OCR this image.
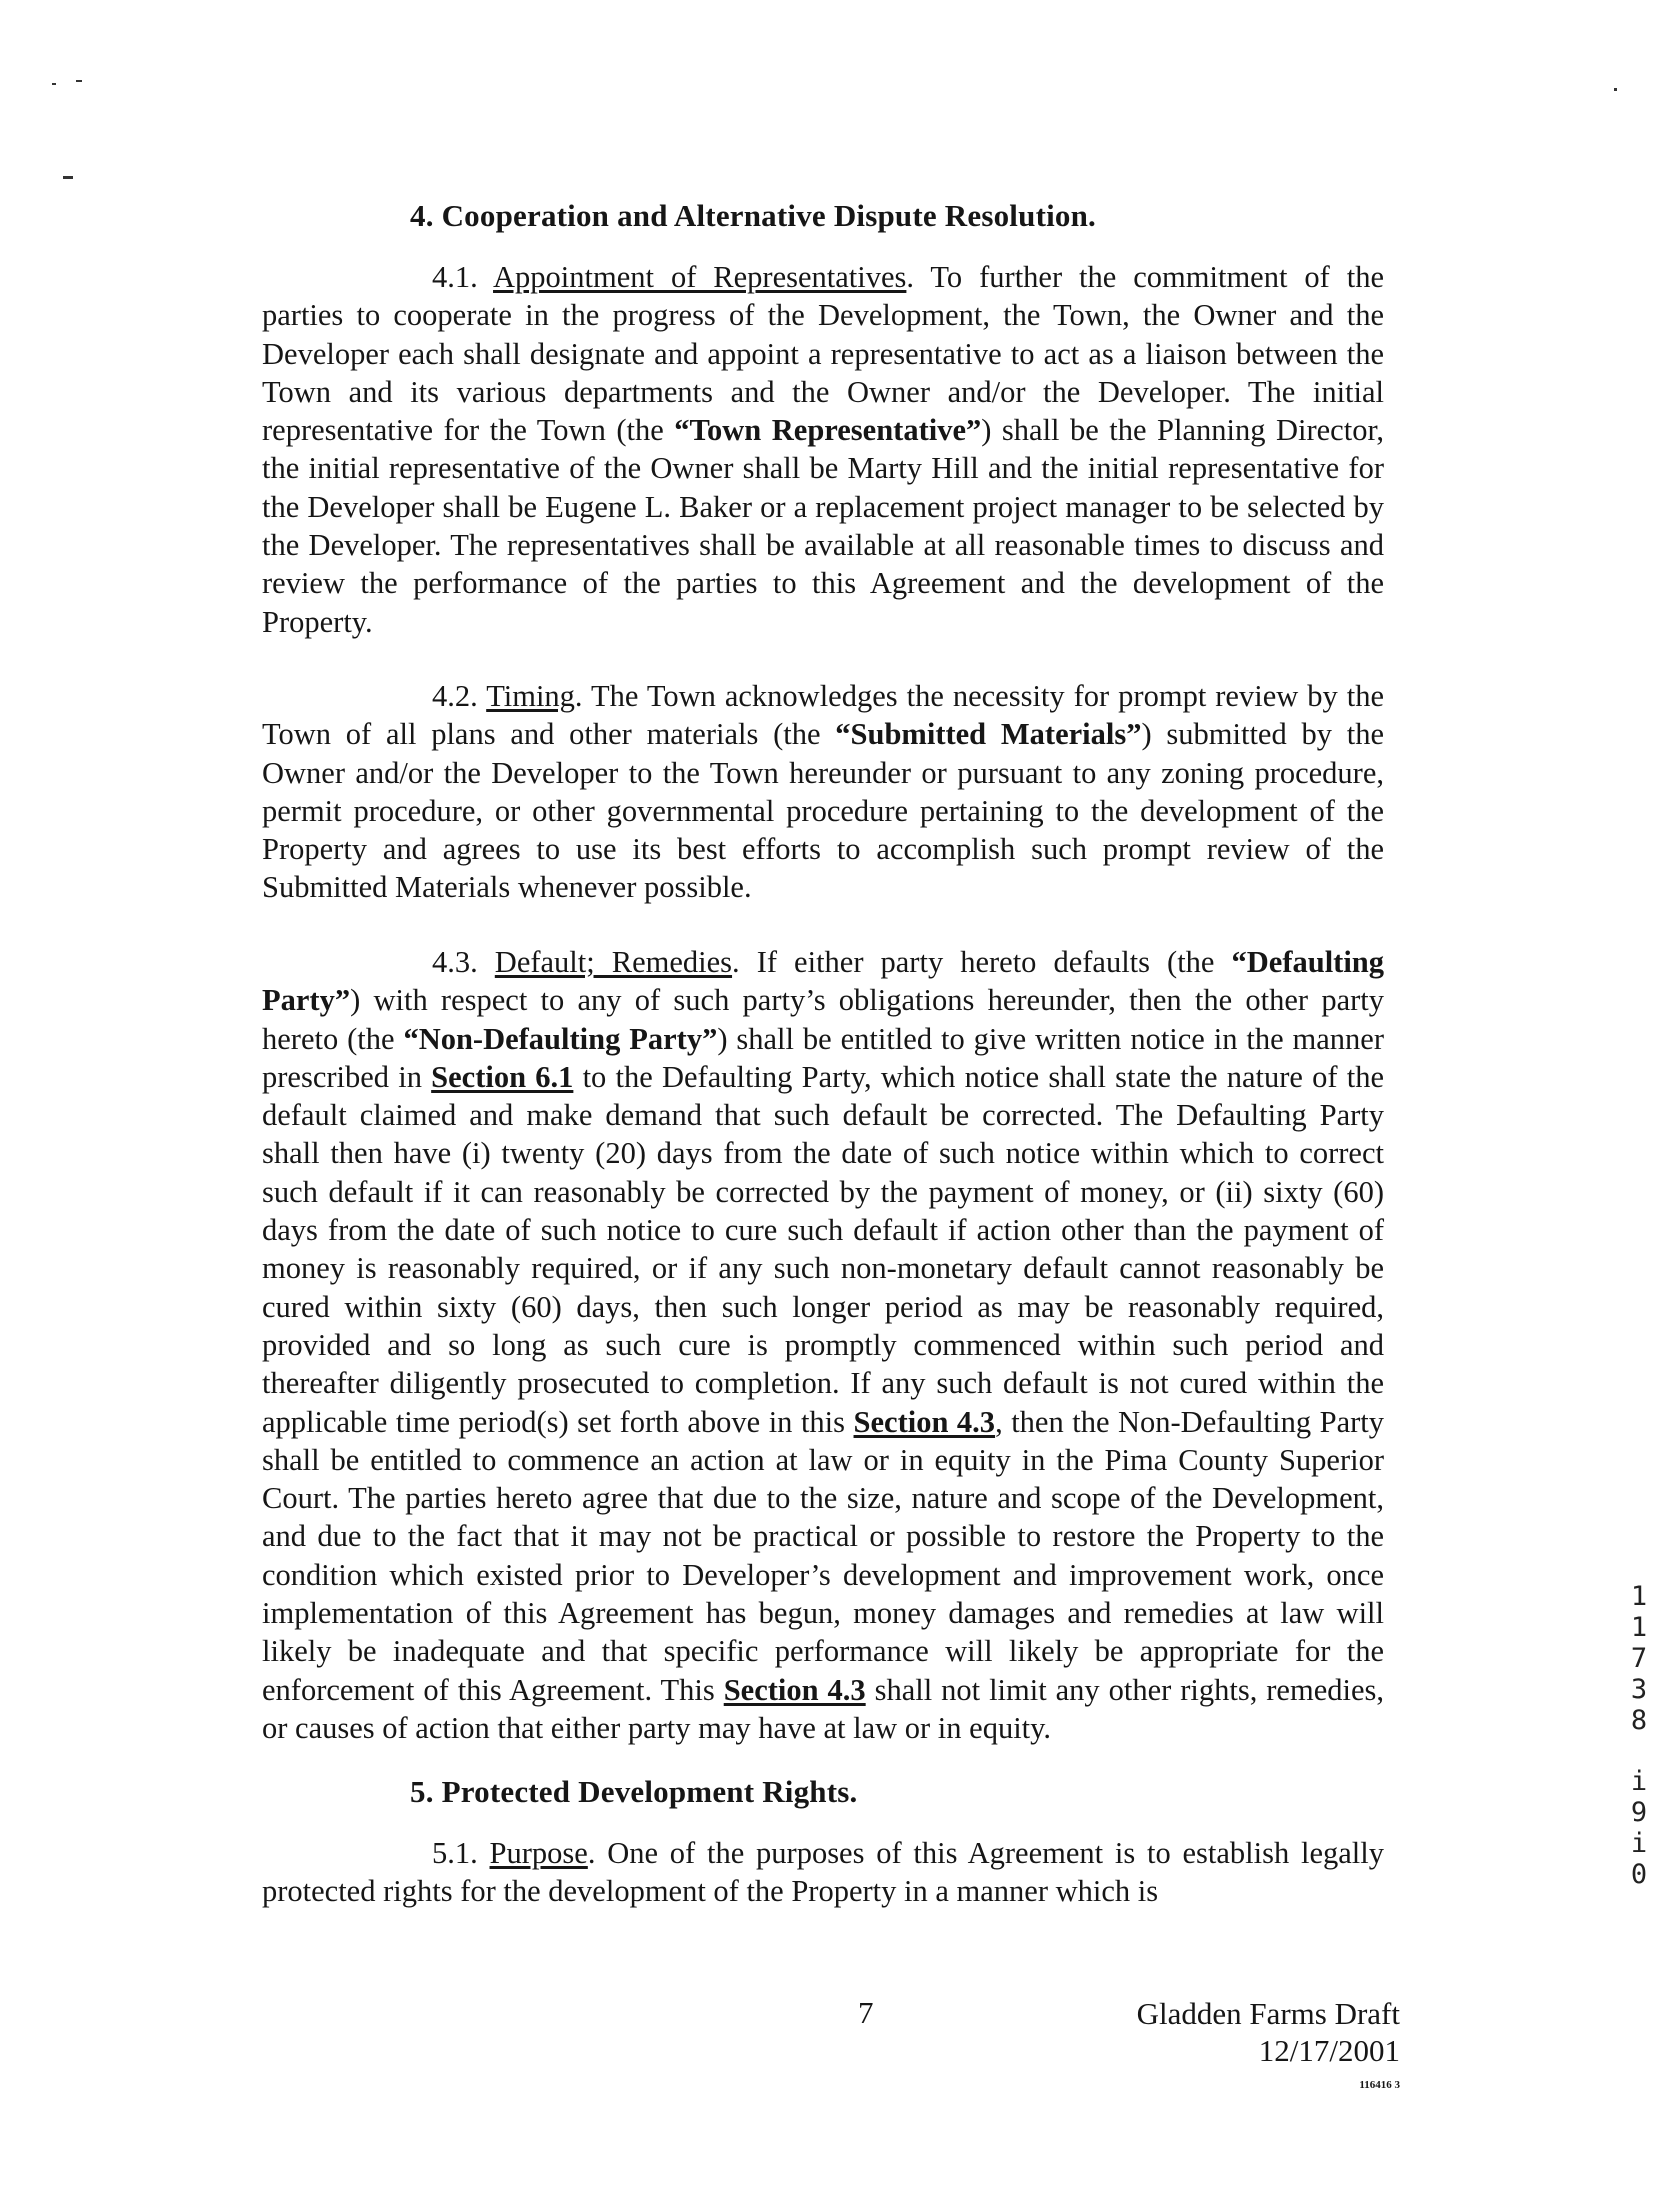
4. Cooperation and Alternative Dispute Resolution.

4.1. Appointment of Representatives. To further the commitment of the parties to cooperate in the progress of the Development, the Town, the Owner and the Developer each shall designate and appoint a representative to act as a liaison between the Town and its various departments and the Owner and/or the Developer. The initial representative for the Town (the “Town Representative”) shall be the Planning Director, the initial representative of the Owner shall be Marty Hill and the initial representative for the Developer shall be Eugene L. Baker or a replacement project manager to be selected by the Developer. The representatives shall be available at all reasonable times to discuss and review the performance of the parties to this Agreement and the development of the Property.

4.2. Timing. The Town acknowledges the necessity for prompt review by the Town of all plans and other materials (the “Submitted Materials”) submitted by the Owner and/or the Developer to the Town hereunder or pursuant to any zoning procedure, permit procedure, or other governmental procedure pertaining to the development of the Property and agrees to use its best efforts to accomplish such prompt review of the Submitted Materials whenever possible.

4.3. Default; Remedies. If either party hereto defaults (the “Defaulting Party”) with respect to any of such party’s obligations hereunder, then the other party hereto (the “Non-Defaulting Party”) shall be entitled to give written notice in the manner prescribed in Section 6.1 to the Defaulting Party, which notice shall state the nature of the default claimed and make demand that such default be corrected. The Defaulting Party shall then have (i) twenty (20) days from the date of such notice within which to correct such default if it can reasonably be corrected by the payment of money, or (ii) sixty (60) days from the date of such notice to cure such default if action other than the payment of money is reasonably required, or if any such non-monetary default cannot reasonably be cured within sixty (60) days, then such longer period as may be reasonably required, provided and so long as such cure is promptly commenced within such period and thereafter diligently prosecuted to completion. If any such default is not cured within the applicable time period(s) set forth above in this Section 4.3, then the Non-Defaulting Party shall be entitled to commence an action at law or in equity in the Pima County Superior Court. The parties hereto agree that due to the size, nature and scope of the Development, and due to the fact that it may not be practical or possible to restore the Property to the condition which existed prior to Developer’s development and improvement work, once implementation of this Agreement has begun, money damages and remedies at law will likely be inadequate and that specific performance will likely be appropriate for the enforcement of this Agreement. This Section 4.3 shall not limit any other rights, remedies, or causes of action that either party may have at law or in equity.

5. Protected Development Rights.

5.1. Purpose. One of the purposes of this Agreement is to establish legally protected rights for the development of the Property in a manner which is

7	Gladden Farms Draft
12/17/2001
116416 3
1
1
7
3
8
i
9
i
0
